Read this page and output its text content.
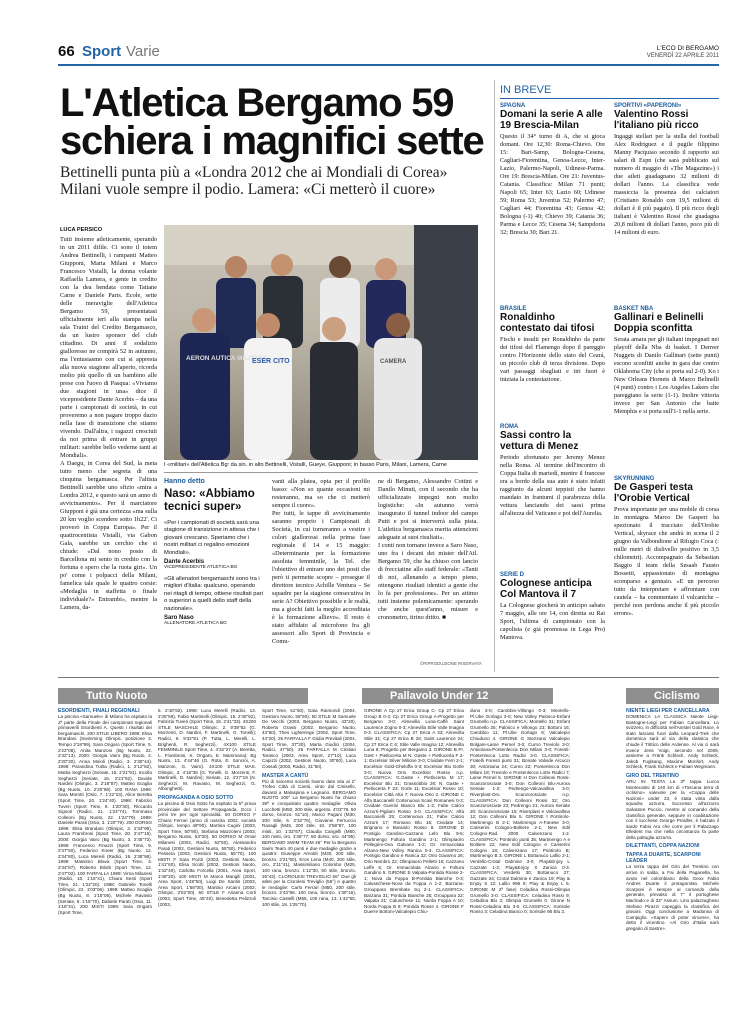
66 Sport Varie	L'ECO DI BERGAMO
VENERDÌ 22 APRILE 2011
L'Atletica Bergamo 59
schiera i magnifici sette
Bettinelli punta più a «Londra 2012 che ai Mondiali di Corea»
Milani vuole sempre il podio. Lamera: «Ci metterò il cuore»
LUCA PERSICO
Tutti insieme atleticamente, sperando in un 2011 difile. Ci sono il totem Andrea Bettinelli, i rampanti Matteo Giupponi, Marta Milani e Marco Francesco Vistalli, la donna volante Raffaella Lamera, e gente in credito con la dea bendata come Tatiane Carne e Daniele Paris. Ecole, sette delle meraviglie dell'Atletica Bergamo 59, presentatasi ufficialmente ieri alla stampa nella sala Traini del Credito Bergamasco, da un lustro sponsor del club cittadino. Di anni il sodalizio gialloresso ne compirà 52 in autunno, ma l'entusiasmo con cui si appresta alla nuova stagione all'aperto, ricorda molto più quello di un bambino alle prese con l'uovo di Pasqua: «Viviamo due stagioni in una» dice il vicepresidente Dante Acerbis – da una parte i campionati di società, in cui proveremo a non pagare troppo dazio nella fase di transizione che stiamo vivendo. Dall'altra, i ragazzi cresciuti da noi prima di entrare in gruppi militari: sarebbe bello vederne tanti ai Mondiali».
A Daegu, in Corea del Sud, la meta tutto meno che segreta di una cinquina bergamasca. Per l'altista Bettinelli sarebbe uno sfizio «mira a Londra 2012, e questo sarà un anno di avvicinamento». Per il marciatore Giupponi è già una certezza «ma sulla 20 km voglio scendere sotto 1h22'. Ci proverò in Coppa Europa». Per il quattrocentista Vistalli, via Gabon Gala, sarebbe un cerchio che si chiude: «Dal nono posto di Barcellona mi sento in credito con la fortuna e spero che la ruota giri». Un po' come i polpacci della Milani, famelica tale quale le quattro corsie: «Medaglia in staffetta o finale individuale?» Entrambi», mentre la Lamera, da-
AERON AUTICA MILITARE
ESER CITO	CAMERA
I «militari» dell'Atletica Bg: da sin. in alto Bettinelli, Vistalli, Gueye, Giupponi; in basso Paris, Milani, Lamera, Carne
Hanno detto
Naso: «Abbiamo tecnici super»
«Per i campionati di società sarà una stagione di transizione in attesa che i giovani crescano. Speriamo che i nostri militari ci regalino emozioni Mondiali».
Dante Acerbis
VICEPRESIDENTE ATLETICA BG
«Gli allenatori bergamaschi sono tra i migliori d'Italia: qualcuno, operando nei ritagli di tempo, ottiene risultati pari o superiori a quelli dello staff della nazionale».
Saro Naso
ALLENATORE ATLETICA BG
vanti alla platea, opta per il profilo basso: «Non so quante occasioni mi resteranno, ma so che ci metterò sempre il cuore».
Per tutti, le tappe di avvicinamento saranno proprio i Campionati di Società, in cui torneranno a vestire i colori giallorossi nella prima fase regionale il 14 e 15 maggio: «Determinante per la formazione assoluta femminile, la Tel. che l'obiettivo di entrare uno dei posti che però ti permette scopre – prosegue il direttore tecnico Achille Ventura – Se squadre per la stagione consecutiva in serie A? Obiettivo possibile e le realtà, ma a giochi fatti la meglio accreditata è la formazione allievo». Il resto è stato affidato al microfono fra gli assessori allo Sport di Provincia e Comu-
ne di Bergamo, Alessandro Cottini e Danilo Minuti, con il secondo che ha ufficializzato impegni non molto logistiche: «In autunno verrà inaugurato il tunnel indoor del campo Putti e poi si interverrà sulla pista. L'atletica bergamasca merita attenzioni adeguate ai suoi risultati».
I conti non tornano invece a Saro Naso, uno fra i decani dei mister dell'Atl. Bergamo 59, che ha chiuso con lancio di frecciatine allo staff federale: «Tanti di noi, allenando a tempo pieno, ottengono risultati identici a gente che lo fa per professione». Per un attimo tutti insieme polemicamente: sperando che anche quest'anno, misure e cronometro, tirino dritto. ■
©RIPRODUZIONE RISERVATA
IN BREVE
SPAGNA
Domani la serie A alle 19 Brescia-Milan
Questo il 34° turno di A, che si gioca domani. Ore 12,30: Roma-Chievo. Ore 15: Bari-Samp, Bologna-Cesena, Cagliari-Fiorentina, Genoa-Lecce, Inter-Lazio, Palermo-Napoli, Udinese-Parma. Ore 19: Brescia-Milan. Ore 21: Juventus-Catania. Classifica: Milan 71 punti; Napoli 65; Inter 63; Lazio 60; Udinese 59; Roma 53; Juventus 52; Palermo 47; Cagliari 44; Fiorentina 43; Genoa 42; Bologna (-1) 40; Chievo 39; Catania 36; Parma e Lecce 35; Cesena 34; Sampdoria 32; Brescia 30; Bari 21.
BRASILE
Ronaldinho contestato dai tifosi
Fischi e insulti per Ronaldinho da parte dei tifosi del Flamengo dopo il pareggio contro l'Horizonte dello stato del Ceará, un piccolo club di terza divisione. Dopo vari passaggi sbagliati e tiri fuori è iniziata la contestazione.
ROMA
Sassi contro la vettura di Menez
Periodo sfortunato per Jeremy Menez nella Roma. Al termine dell'incontro di Coppa Italia di martedì, mentre il francese era a bordo della sua auto è stato infatti raggiunto da alcuni teppisti che hanno mandato in frantumi il parabrezza della vettura lanciando dei sassi prima all'altezza del Vaticano e poi dell'Aurelia.
SERIE D
Colognese anticipa Col Mantova il 7
La Colognese giocherà in anticipo sabato 7 maggio, alle ore 14, con diretta su Rai Sport, l'ultima di campionato con la capolista (e già promossa in Lega Pro) Mantova.
SPORTIVI «PAPERONI»
Valentino Rossi l'italiano più ricco
Ingaggi stellari per la stella del football Alex Rodriguez e il pugile filippino Manny Pacquiao secondo il rapporto sui salari di Espn (che sarà pubblicato sul numero di maggio di «The Magazine») i due atleti guadagnano 32 milioni di dollari l'anno. La classifica vede massiccia la presenza dei calciatori (Cristiano Ronaldo con 19,5 milioni di dollari è il più pagato). Il più ricco degli italiani è Valentino Rossi che guadagna 20,8 milioni di dollari l'anno, poco più di 14 milioni di euro.
BASKET NBA
Gallinari e Belinelli Doppia sconfitta
Serata amara per gli italiani impegnati nei playoff della Nba di basket. I Denver Nuggets di Danilo Gallinari (sette punti) escono sconfitti anche in gara due contro Oklahoma City (che si porta sul 2-0). Ko i New Orleans Hornets di Marco Belinelli (4 punti) contro i Los Angeles Lakers che pareggiano la serie (1-1). Inoltre vittoria invece per San Antonio che batte Memphis e si porta sull'1-1 nella serie.
SKYRUNNING
De Gasperi testa l'Orobie Vertical
Prova importante per una mobile di corsa in montagna Marco De Gasperi ha spezionato il tracciato dell'Orobie Vertical, skyrace che andrà in scena il 2 giugno da Valbondione al Rifugio Coca (: mille metri di dislivello positivo in 3,5 chilometri). Accompagnato da Sebastian Baggio il team della Sesaab Fausto Bossetti, appassionato di montagna scomparso a gennaio. «E un percorso tutto da interpretare e affrontare con cautela – ha commentato il vulcaniche – perché non perdona anche il più piccolo errore».
Tutto Nuoto	Pallavolo Under 12	Ciclismo
ESORDIENTI, FINALI REGIONALI
La piscina «Samuele» di Milano ha ospitato la 2ª parte della Finale dei campionati regionali primaverili Esordienti A. Questi i risultati dei bergamaschi. 200 STILE LIBERO 1999: Elisa Brandani (Swimming Olimpic, posizione 3. Tempo 2'18"99), Sara Ongaro (Sport Time, 5. 2'22"08), Anita Manzoni (Bg Nuoto, 22. 2'32"13). 2000: Giorgia Vairo (Bg Nuoto, 2. 2'20"30), Anna Moioli (Radici, 3. 2'30"44). 1998: Parandina Tutita (Radici, 1. 2'12"82), Mattia Seghezzi (Seriate, 15. 2'21"91). Incollo Seghezzi (Seriate, 16. 2'21"92), Davide Nardini (Olimpic, 3. 2'18"87), Matteo Scaglia (Bg Nuoto, 10. 2'25"99). 100 RANA 1999: Sara Morotti (Osio, 7. 1'22"23), Alice Beretta (Sport Time, 20. 1'24"40). 1998: Fabrizio Tuveri (Sport Time, 8. 1'20"30), Riccardo Signori (Radici, 21. 1'24"74), Tommaso Colleoni (Bg Nuoto, 22. 1'24"79). 1999: Daniele Parati (Osio, 3. 1'20"79). 200 DORSO 1999: Elisa Brandani (Olimpic, 3. 2'33"99), Laura Frambrosi (Sport Time, 20. 2'47"15). 2000: Giorgia Vairo (Bg Nuoto, 3. 2'45"73). 1998: Francesco Finazzi (Sport Time, 9. 2'37"50), Federico Kneer (Bg Nuoto, 12. 2'34"80), Luca Mereili (Radici, 16. 2'38"98). 1999: Massimo Blava (Sport Time, 3. 2'34"87), Roberto Bilotti (Sport Time, 12. 2'47"02). 100 FARFALLA 1999: Virna Milanesi (Radici, 10. 1'16"41), Chiara Sesti (Sport Time, 21. 1'22"20). 1998: Gabriele Tonelli (Olimpic, 22. 1'03"06). 1999: Matteo Scaglia (Bg Nuoto, 8. 1'15"06), Michele Ravasio (Seriate, 9. 1'15"70), Dabiele Paratì (Osio, 11. 1'16"31). 200 MISTI 1999: Sara Ongaro (Sport Time,
5. 2'40"82). 1998: Luca Merelli (Radici, 13. 2'35"58), Fabio Martinelli (Olimpic, 15. 2'40"62), Fabrizio Tuveri (Sport Time, 18. 2'41"33). 4X200 STILE MASCHILE Olimpic, 2. 9'39"62 (G. Morzenti, D. Nardini, F. Martinelli, G. Tonelli); Radici, 6. 9'32"81 (P. Tutta, L. Merelli, L. Brighenti, R. Seghezzi). 4X100 STILE FEMMINILE Sport Time, 4. 4'32"27 (A. Beretta, L. Frambrosi, S. Ongaro, E. Mammana); Bg Nuoto, 13. 4'44"46 (G. Rota, E. Soncini, A. Manzoni, G. Vairo). 4X100 STILE MAS. Olimpic, 3. 4'16"35 (G. Tonelli, G. Morzenti, F. Martinelli, D. Nardini); Seriate, 12. 4'27"19 (N. Seghezzi, M. Ravasio, M. Seghezzi, G. Albonghetti).
PROPAGANDA A OSIO SOTTO
La piscina di Osio Sotto ha ospitato la 5ª prova provinciale del Settore Propaganda. Ecco i primi tre per ogni specialità. 50 DORSO F Chiara Ferrari (anno di nascita 2002, società Olimpic, tempo 49"90), Martina Cugini (2003, Sport Time, 50"90), Stefania Mazzoleni (2003, Bergamo Nuoto, 53"30). 50 DORSO M Omar Milanesi (2002, Radici, 52"60), Alessandro Parati (2002, Gestioni Nuoto, 55"50), Federico Pessera (2003, Gestioni Nuoto, 56"70). 100 MISTI F Sara Pozzi (2003, Gestioni Nuoto, 1'41"60), Elisa Scotti (2002, Gestioni Nuoto, 1'42"40), Carlotta Forcella (2001, Area Sport, 1'48"20). 100 MISTI M Marco Mangili (2001, Area Sport, 1'48"50), Luigi De Santis (2003, Area Sport, 1'58"00), Martino Arcaini (2002, Olimpic, 2'02"00). 50 STILE F Arianna Corti (2003, Sport Time, 45"40), Benedetta Pelizzoli (2003,
Sport Time, 51"50), Gaia Raimondi (2004, Gestioni Nuoto, 55"60). 50 STILE M Samuele De Vecchi (2003, Bergamo Nuoto, 43"20), Roberto Grassi (2002, Bergamo Nuoto, 43"60), Theo Lighteringe (2002, Sport Time, 44"20). 25 FARFALLA F Giulia Previtali (2004, Sport Time, 37"30), Marta Giudici (2004, Radici, 47"50). 25 FARFALLA M Cristian Tarasco (2003, Area Sport, 27"10), Luca Capizzi (2002, Gestioni Nuoto, 30"80), Luca Cossali (2003, Radici, 31"50).
MASTER A CANTÙ
Più di seicento società hanno dato vita al 2° Trofeo Città di Cantù, vinto dal Cinisello, davanti a Malaspina e Legnano. BERGAMO NUOTO 100° La Bergamo Nuoto ha chiuso 39ª e conquistato quattro medaglie: Olivia Lucchetti (M50, 200 stile, argento. 4'03"79, 50 dorso, bronzo. 51"10), Marco Pagani (M30, 200 stile, 6. 2'32"76), Giovanni Ferruccio Ravagli (M45, 200 stile, 10. 2'58"87, 100 misti, 10. 1'33"67), Claudia Cangelli (M60, 100 misti, oro. 1'38"77; 50 dorso, oro. 44"95). BERGAMO SWIM TEAM 46° Per la Bergamo Swim Team 40 punti e due medaglie grazie a quattro: Giuseppe Arnoldi (M30, 200 stile, bronzo. 2'21"60), Eros Lena (M40, 200 stile, oro. 2'11"41), Massimiliano Colombo (M25, 100 rana, bronzo. 1'12"30, 50 stile, bronzo. 26"42). CLOROLESI TREVIGLIO 56° Due gli atleti per la Clorolesi Treviglio (56°) e quattro le medaglie: Carlo Ferrari (M50, 200 stile, bronzo. 2'43"66. 100 rana, bronzo. 1'30"16), Tarcisio Castelli (M55, 100 rana, 13. 1'42"60, 100 stile, 18. 1'25"70).
GIRONE A Cp 27 Erica Group C- Cp 27 Erica Group B 0-3; Cp 27 Erica Group A-Progetto per Bergamo 3-0; Almevilla Luna-Caffè Saint Laurence Zogno 0-3; Almevilla Stile Valle Imagna 0-3. CLASSIFICA: Cp 27 Erica A 33; Almevilla Stile 31; Cp 27 Erica B 26; Saint Laurence 24; Cp 27 Erica C 6; Stile Valle Imagna 12; Almevilla Luna 8; Progetto per Bergamo 3. GIRONE B Pr. Gest + Pietlocerta M N. Gaste + Pietlocerta F 2-1; Excelsior Silver Milione 3-0; Cividate Ferri 2-1; Excelsior Gold-Gheloffa 0-3; Excelsior Blu Gorle 3-0; Nuova Orio Excelsior Rosso n.p. CLASSIFICA: G.Gaste + Pietlocerta M 17; Excelsior Blu 31; Grassobbio 26; N. Gaste + Pietlocerta F 23; Gorle 11; Excelsior Rosso 10; Excelsior Città Alta 7; Nuova Orio 2. GIRONE C Alfa Baccanelli Cortenuova Scavi Romanesi 0-3; Cividate Guerini Bianco Blu 1-2; Fabe Calcio Azzurri-Pigliani Rosso 3-0. CLASSIFICA: Alfa Baccanelli 25; Cortenuova 21; Fabe Calcio Azzurri 17; Romano Blu 16; Cividate 14; Brignano e Baraiolo Rosso 8. GIRONE D Pontigio Gandino-Cazzano Lefo Blu 9-5; Martinengo Foltura Gandino 2-1; Olimpiaoro Pellegrini-Ova Galvano 1-2; Or. Immacolata Alzano-New Volley Ranica 0-3. CLASSIFICA: Pontigio Gandino e Ranica 32; Orio Gavarno 26; Orio Nembro 22; Olimpiaoro Pelletti 16; Cazzano Leffe 6; Or. Immacolata Alzano e Foltura Gandino 5. GIRONE E Valpala-Pontida Rosse 2-1; Nova da Foppa B-Pontida Bianche 0-3; Calusschese-Nova da Foppa A 1-2; Barzana-Grouppara Brembate Sq 2-1. CLASSIFICA: Barzana 31; Pontida Bianche 25; Grouppara 22; Valpala 21; Caluschese 11; Norda Foppa A 10; Norda Foppa B 9; Pontida Rosse 4. GIRONE F Duerre Bottoni-Valcalepio Chiu-
duno 3-0; Carobbio-Villongo 0-3; Montello-Pl.Ube Gorlago 3-0; New Volley Palosco-Enfant Grumello n.p. CLASSIFICA: Montello 31; Enfant Grumello 25; Palosco e Villongo 23; Bottoni 16; Carobbio 11; Pl.Ube Gorlago 8; Valcalepio Chiuduno 4. GIRONE G Stezzano Valcalepio Bolgare-Lame Pernel 3-0; Curno Treviolo 3-0; Antoniana-Pontenlecca Don Milani 3-0; Foresti-Pontenlecca Lotto Radici 3-0. CLASSIFICA: Fratelli Foresti punti 31; Bonate Valvide Arcucci 30; Antoniana 24; Curno 22; Pontenlecca Don Milani 18; Treviolo e Pontenlecca Lotto Radici 7; Lame Pernel 5. GIRONE H Don Colleoni Rossi-Scanzorosciate 3-0; Don Colleoni Blu-Aurora Seriate 1-2; Pedrengo-Valcavallina 3-0; Riverplast-Oro Scanzorosciate n.p. CLASSIFICA: Don Colleoni Rossi 32; Oro Scanzorosciate 23; Pedrengo 21; Aurora Seriate 20; Scanzorosciate 16; Riverplast e Valcavallina 12; Don Colleoni Blu 5. GIRONE I Pontirolo-Martinengo B 2-1; Martinengo A-Fanese 3-0; Cariserini Cologno-Boltiere 2-1; New Edil Cologno-Rad. 2000 Calvenzano 1-2. CLASSIFICA: Pontirolo punti 35; Martinengo A e Boltiere 22; New Edil Cologno e Cariserini Cologno 18; Calvenzano 17; Pontirolo B; Martinengo B 3. GIRONE L Bottanuco Lallio 2-1; Verdello-Crotal Dalmine 3-0; Play&Enjoy L Cazzate 1-2; Play&Enjoy S Zanica 0-3. CLASSIFICA: Verdello 30; Bottanuco 27; Gazzate 24; Crotal Dalmine e Zanica 19; Play & Enjoy S 12; Lallio 996 9; Play & Enjoy L 5. GIRONE M 2ª fase) Celadina Rossi-Olimpia Grumello 3-0. CLASSIFICA: Celadina Rossi 9; Celadina Blu 3; Olimpia Grumello 0. Girone N Rossi-Celadina Blu 3-0. CLASSIFICA: Sorisole Rosso 3; Celadina Bianco 0; Sorisole 95 Blu 3.
NIENTE LIEGI PER CANCELLARA
DOMENICA LA CLASSICA Niente Liegi-Bastogne-Liegi per Fabian Cancellara. Lo svizzero, in difficoltà nell'Amstel Gold Race, è stato lasciato fuori dalla Leopard-Trek che domenica sarà al via della classica che chiude il Trittico delle Ardenne. Al via ci sarà invece Jens Voigt, secondo nel 2009, assieme a Fränk Schleck, Andy Schleck, Jakob Fuglsang, Maxime Monfort, Andy Schleck, Frank Schleck e Fabian Wegmann.
GIRO DEL TRENTINO
ARU IN TESTA La 3ª tappa Lucca Montecatini di 140 km di «Toscana terra di ciclismo» valevole per la «Coppa delle Nazioni» under 23, è stata vinta dalla squadra azzurra. Successo all'azzurro Salvatore Puccio, mentre al comando della classifica generale, seppure in coabitazione con il lucchese George Preidler, è balzato il sardo Fabio Aru che corre per il Palazzago Elledent ma che nella circostanza fa parte della pattuglia azzurra.
DILETTANTI, COPPA NAZIONI
TAPPA A DUARTE, SCARPONI LEADER
La terza tappa del Giro del Trentino con arrivo in salita, a Fai della Paganella, ha avuto nel colombiano della Geox Fabio Andres Duarte il protagonista. Michele Scarponi è sempre al comando della generale, prevalso di 7" il portoghese Machado e di 33" Assum. Lino palazzagheso Stefano Pirazzi capeggia la classifica dei giovani. Oggi conclusione a Madonna di Campiglio. «Saperv di poter vincere», ha detto il vicentino. «Al Giro d'Italia sarò gregario di Sastre».
